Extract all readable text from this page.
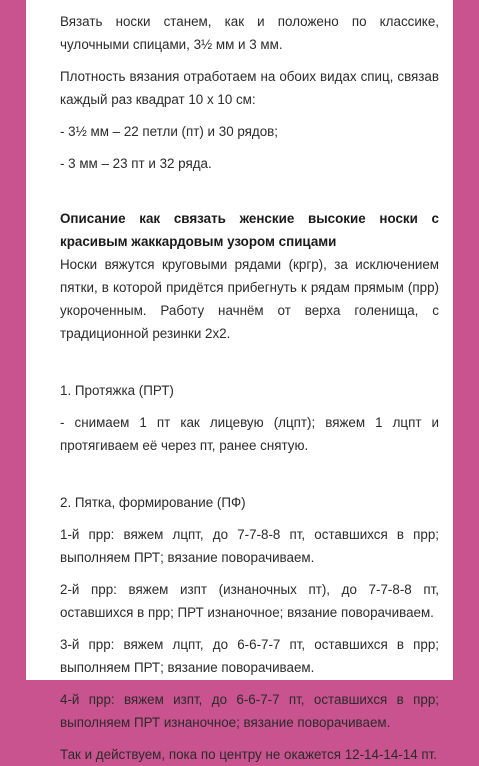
Вязать носки станем, как и положено по классике, чулочными спицами, 3½ мм и 3 мм.

Плотность вязания отработаем на обоих видах спиц, связав каждый раз квадрат 10 х 10 см:

- 3½ мм – 22 петли (пт) и 30 рядов;

- 3 мм – 23 пт и 32 ряда.

Описание как связать женские высокие носки с красивым жаккардовым узором спицами

Носки вяжутся круговыми рядами (кргр), за исключением пятки, в которой придётся прибегнуть к рядам прямым (прр) укороченным. Работу начнём от верха голенища, с традиционной резинки 2х2.

1. Протяжка (ПРТ)

- снимаем 1 пт как лицевую (лцпт); вяжем 1 лцпт и протягиваем её через пт, ранее снятую.

2. Пятка, формирование (ПФ)

1-й прр: вяжем лцпт, до 7-7-8-8 пт, оставшихся в прр; выполняем ПРТ; вязание поворачиваем.

2-й прр: вяжем изпт (изнаночных пт), до 7-7-8-8 пт, оставшихся в прр; ПРТ изнаночное; вязание поворачиваем.

3-й прр: вяжем лцпт, до 6-6-7-7 пт, оставшихся в прр; выполняем ПРТ; вязание поворачиваем.

4-й прр: вяжем изпт, до 6-6-7-7 пт, оставшихся в прр; выполняем ПРТ изнаночное; вязание поворачиваем.

Так и действуем, пока по центру не окажется 12-14-14-14 пт.
